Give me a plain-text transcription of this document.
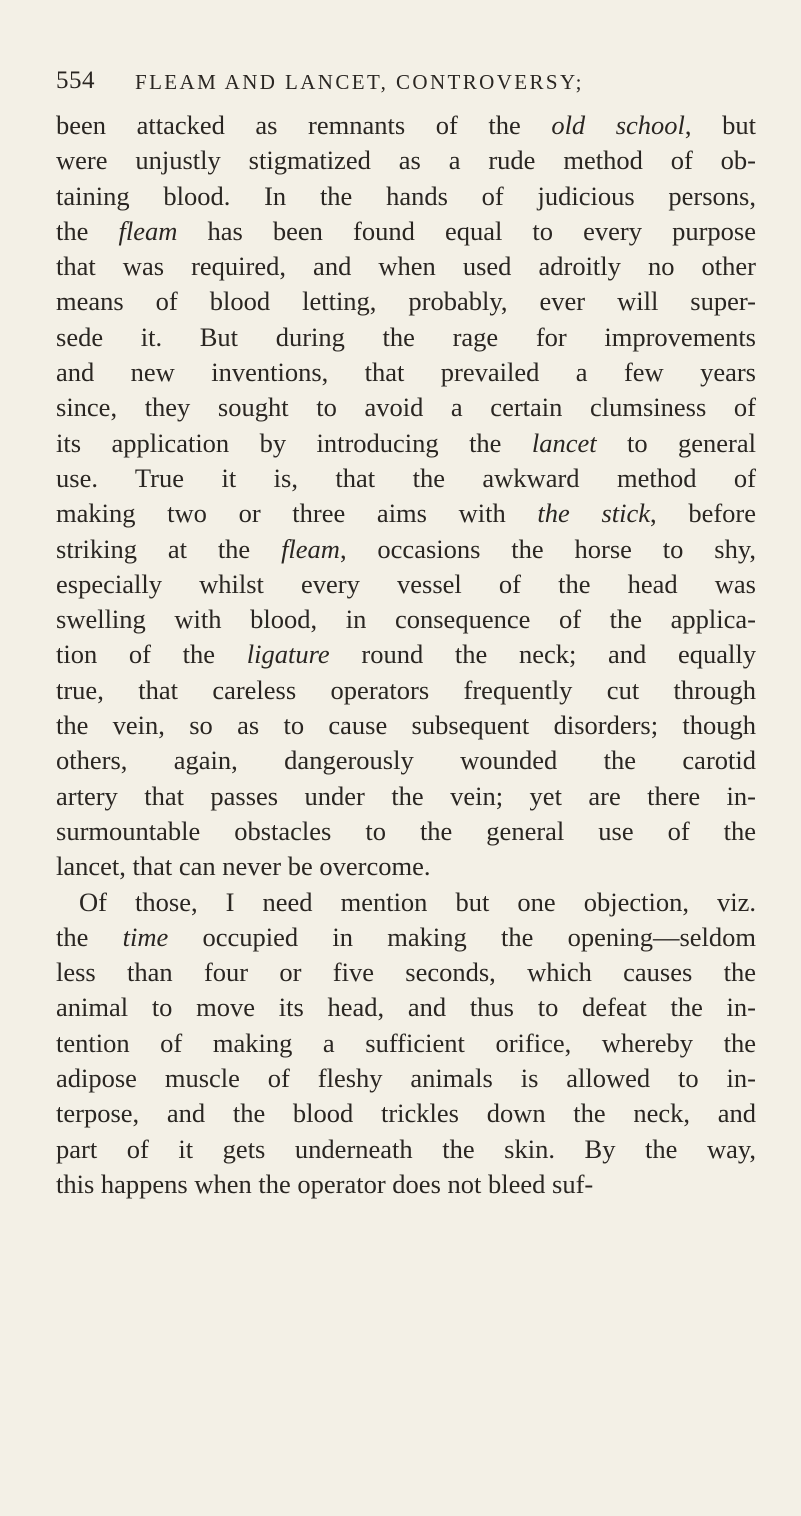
554 FLEAM AND LANCET, CONTROVERSY;
been attacked as remnants of the old school, but
were unjustly stigmatized as a rude method of ob-
taining blood. In the hands of judicious persons,
the fleam has been found equal to every purpose
that was required, and when used adroitly no other
means of blood letting, probably, ever will super-
sede it. But during the rage for improvements
and new inventions, that prevailed a few years
since, they sought to avoid a certain clumsiness of
its application by introducing the lancet to general
use. True it is, that the awkward method of
making two or three aims with the stick, before
striking at the fleam, occasions the horse to shy,
especially whilst every vessel of the head was
swelling with blood, in consequence of the applica-
tion of the ligature round the neck; and equally
true, that careless operators frequently cut through
the vein, so as to cause subsequent disorders; though
others, again, dangerously wounded the carotid
artery that passes under the vein; yet are there in-
surmountable obstacles to the general use of the
lancet, that can never be overcome.
Of those, I need mention but one objection, viz.
the time occupied in making the opening—seldom
less than four or five seconds, which causes the
animal to move its head, and thus to defeat the in-
tention of making a sufficient orifice, whereby the
adipose muscle of fleshy animals is allowed to in-
terpose, and the blood trickles down the neck, and
part of it gets underneath the skin. By the way,
this happens when the operator does not bleed suf-
